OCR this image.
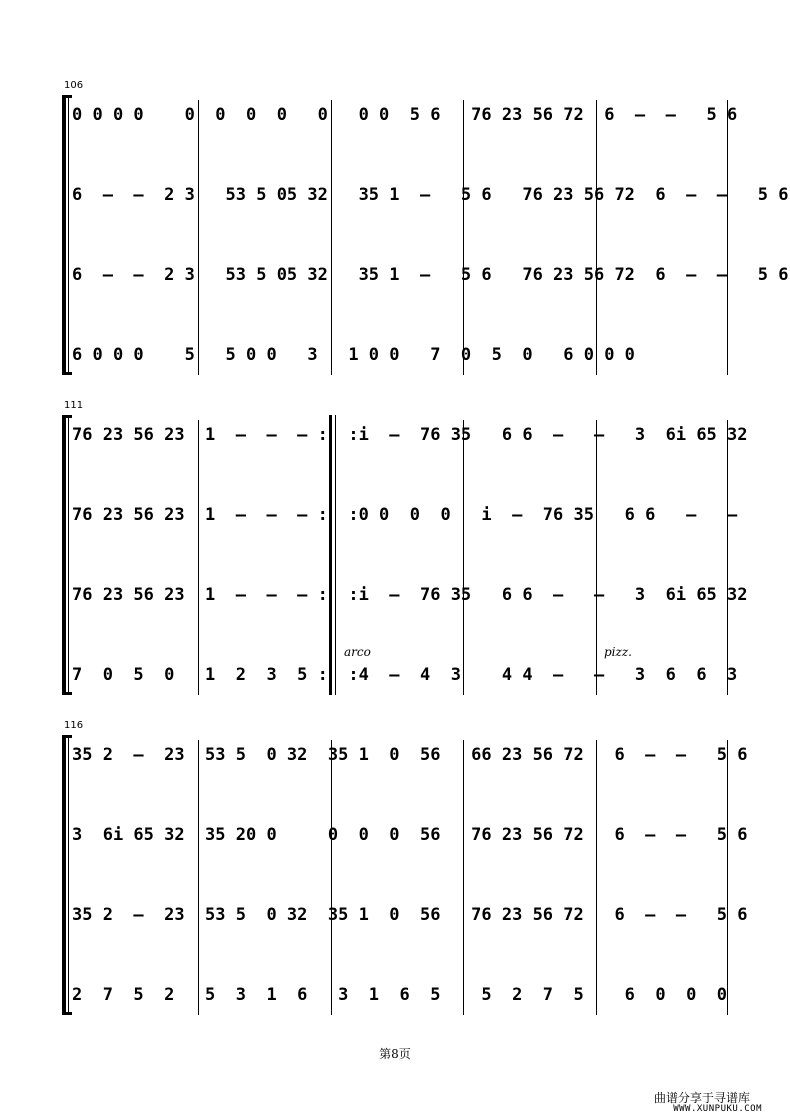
106
0 0 0 0    0  0  0  0   0   0 0  5 6   76 23 56 72  6  –  –   5 6
6  –  –  2 3   53 5 05 32   35 1  –   5 6   76 23 56 72  6  –  –   5 6
6  –  –  2 3   53 5 05 32   35 1  –   5 6   76 23 56 72  6  –  –   5 6
6 0 0 0    5   5 0 0   3   1 0 0   7  0  5  0   6 0 0 0
111
76 23 56 23  1  –  –  – :  :i  –  76 35   6 6  –   –   3  6i 65 32
76 23 56 23  1  –  –  – :  :0 0  0  0   i  –  76 35   6 6   –   –
76 23 56 23  1  –  –  – :  :i  –  76 35   6 6  –   –   3  6i 65 32
arco	pizz.
7  0  5  0   1  2  3  5 :  :4  –  4  3    4 4  –   –   3  6  6  3
116
35 2  –  23  53 5  0 32  35 1  0  56   66 23 56 72   6  –  –   5 6
3  6i 65 32  35 20 0     0  0  0  56   76 23 56 72   6  –  –   5 6
35 2  –  23  53 5  0 32  35 1  0  56   76 23 56 72   6  –  –   5 6
2  7  5  2   5  3  1  6   3  1  6  5    5  2  7  5    6  0  0  0
第8页
曲谱分享于寻谱库
WWW.XUNPUKU.COM
